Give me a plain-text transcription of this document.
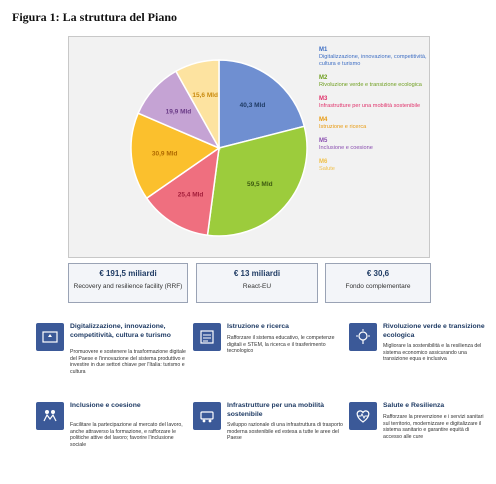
Figura 1: La struttura del Piano
40,3 Mld
59,5 Mld
25,4 Mld
30,9 Mld
19,9 Mld
15,6 Mld
M1
Digitalizzazione, innovazione, competitività, cultura e turismo
M2
Rivoluzione verde e transizione ecologica
M3
Infrastrutture per una mobilità sostenibile
M4
Istruzione e ricerca
M5
Inclusione e coesione
M6
Salute
€ 191,5 miliardi
Recovery and resilience facility (RRF)
€ 13 miliardi
React-EU
€ 30,6
Fondo complementare
Digitalizzazione, innovazione, competitività, cultura e turismo
Promuovere e sostenere la trasformazione digitale del Paese e l'innovazione del sistema produttivo e investire in due settori chiave per l'Italia: turismo e cultura
Istruzione e ricerca
Rafforzare il sistema educativo, le competenze digitali e STEM, la ricerca e il trasferimento tecnologico
Rivoluzione verde e transizione ecologica
Migliorare la sostenibilità e la resilienza del sistema economico assicurando una transizione equa e inclusiva
Inclusione e coesione
Facilitare la partecipazione al mercato del lavoro, anche attraverso la formazione, e rafforzare le politiche attive del lavoro; favorire l'inclusione sociale
Infrastrutture per una mobilità sostenibile
Sviluppo razionale di una infrastruttura di trasporto moderna sostenibile ed estesa a tutte le aree del Paese
Salute e Resilienza
Rafforzare la prevenzione e i servizi sanitari sul territorio, modernizzare e digitalizzare il sistema sanitario e garantire equità di accesso alle cure
